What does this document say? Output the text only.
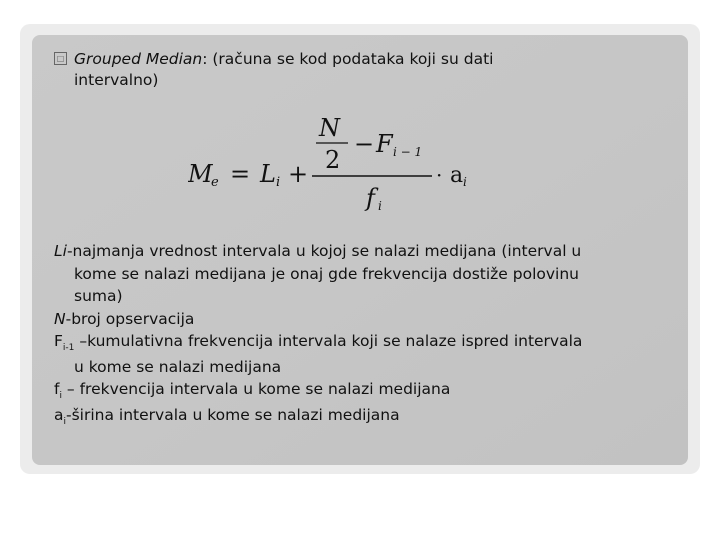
□ Grouped Median: (računa se kod podataka koji su dati
intervalno)
M
e = L i +
N
2
− F i − 1
f i
· a i
Li-najmanja vrednost intervala u kojoj se nalazi medijana (interval u
kome se nalazi medijana je onaj gde frekvencija dostiže polovinu
suma)
N-broj opservacija
$F_{i-1}$ –kumulativna frekvencija intervala koji se nalaze ispred intervala
u kome se nalazi medijana
$f_i$ – frekvencija intervala u kome se nalazi medijana
$a_i$-širina intervala u kome se nalazi medijana
